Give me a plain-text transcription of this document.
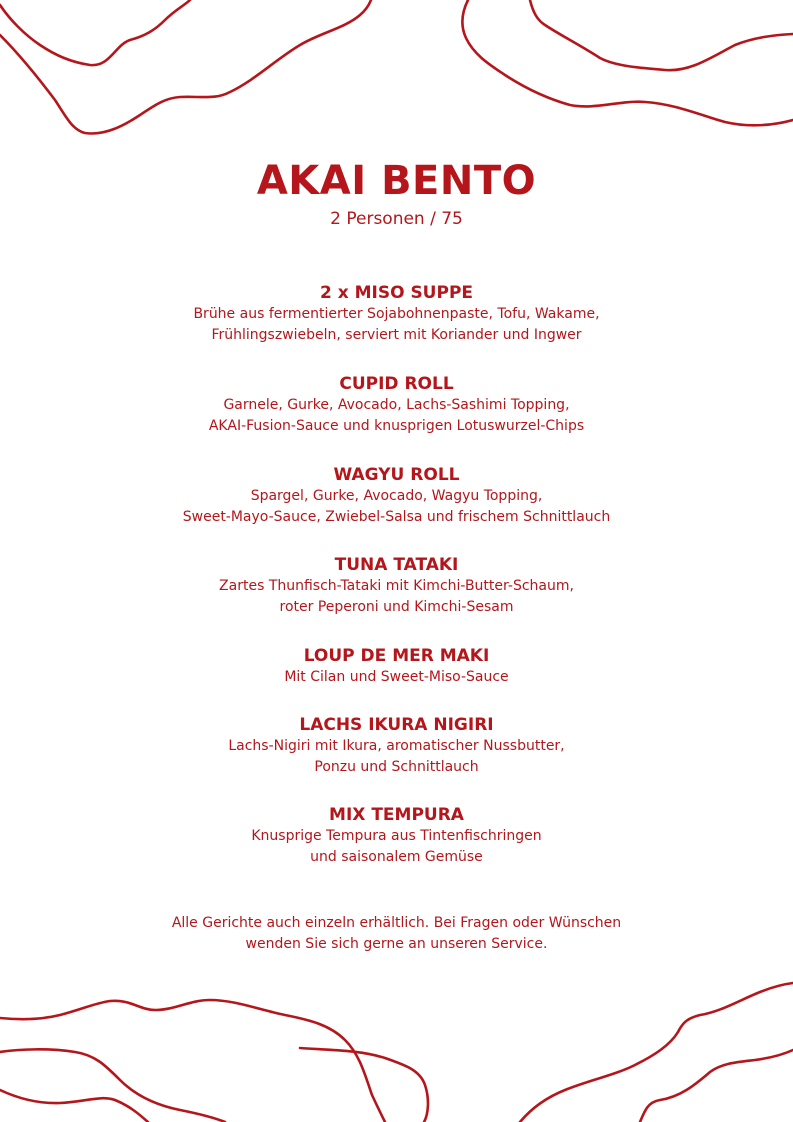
AKAI BENTO

2 Personen / 75

2 x MISO SUPPE

Brühe aus fermentierter Sojabohnenpaste, Tofu, Wakame,

Frühlingszwiebeln, serviert mit Koriander und Ingwer

CUPID ROLL

Garnele, Gurke, Avocado, Lachs-Sashimi Topping,

AKAI-Fusion-Sauce und knusprigen Lotuswurzel-Chips

WAGYU ROLL

Spargel, Gurke, Avocado, Wagyu Topping,

Sweet-Mayo-Sauce, Zwiebel-Salsa und frischem Schnittlauch

TUNA TATAKI

Zartes Thunfisch-Tataki mit Kimchi-Butter-Schaum,

roter Peperoni und Kimchi-Sesam

LOUP DE MER MAKI

Mit Cilan und Sweet-Miso-Sauce

LACHS IKURA NIGIRI

Lachs-Nigiri mit Ikura, aromatischer Nussbutter,

Ponzu und Schnittlauch

MIX TEMPURA

Knusprige Tempura aus Tintenfischringen

und saisonalem Gemüse

Alle Gerichte auch einzeln erhältlich. Bei Fragen oder Wünschen

wenden Sie sich gerne an unseren Service.
